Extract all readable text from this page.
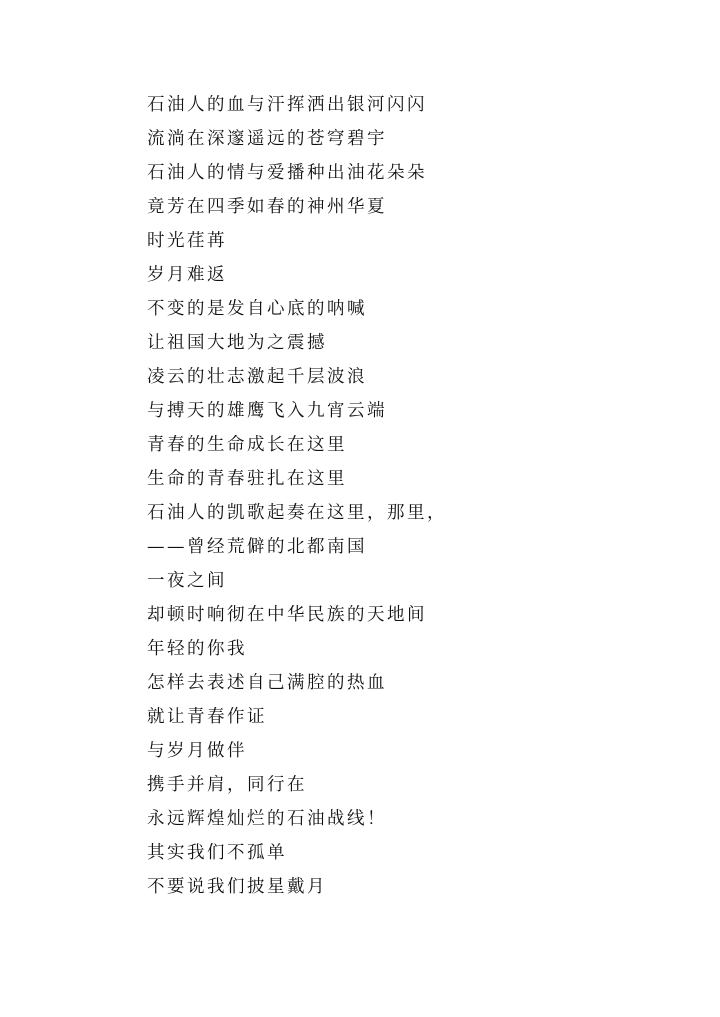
石油人的血与汗挥洒出银河闪闪
流淌在深邃遥远的苍穹碧宇
石油人的情与爱播种出油花朵朵
竟芳在四季如春的神州华夏
时光荏苒
岁月难返
不变的是发自心底的呐喊
让祖国大地为之震撼
凌云的壮志激起千层波浪
与搏天的雄鹰飞入九宵云端
青春的生命成长在这里
生命的青春驻扎在这里
石油人的凯歌起奏在这里，那里，
——曾经荒僻的北都南国
一夜之间
却顿时响彻在中华民族的天地间
年轻的你我
怎样去表述自己满腔的热血
就让青春作证
与岁月做伴
携手并肩，同行在
永远辉煌灿烂的石油战线！
其实我们不孤单
不要说我们披星戴月
